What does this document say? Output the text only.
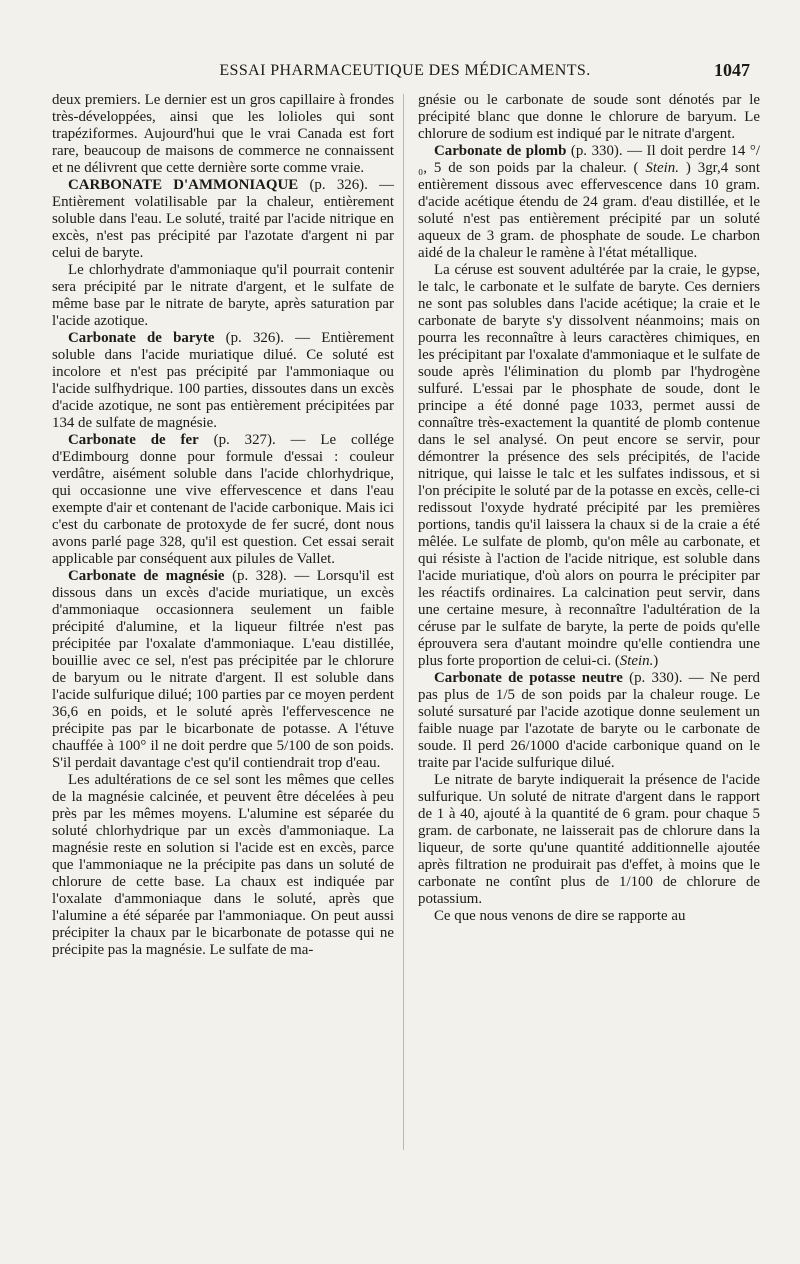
ESSAI PHARMACEUTIQUE DES MÉDICAMENTS.	1047

deux premiers. Le dernier est un gros capillaire à frondes très-développées, ainsi que les lolioles qui sont trapéziformes. Aujourd'hui que le vrai Canada est fort rare, beaucoup de maisons de commerce ne connaissent et ne délivrent que cette dernière sorte comme vraie.

CARBONATE D'AMMONIAQUE (p. 326). — Entièrement volatilisable par la chaleur, entièrement soluble dans l'eau. Le soluté, traité par l'acide nitrique en excès, n'est pas précipité par l'azotate d'argent ni par celui de baryte.

Le chlorhydrate d'ammoniaque qu'il pourrait contenir sera précipité par le nitrate d'argent, et le sulfate de même base par le nitrate de baryte, après saturation par l'acide azotique.

Carbonate de baryte (p. 326). — Entièrement soluble dans l'acide muriatique dilué. Ce soluté est incolore et n'est pas précipité par l'ammoniaque ou l'acide sulfhydrique. 100 parties, dissoutes dans un excès d'acide azotique, ne sont pas entièrement précipitées par 134 de sulfate de magnésie.

Carbonate de fer (p. 327). — Le collége d'Edimbourg donne pour formule d'essai : couleur verdâtre, aisément soluble dans l'acide chlorhydrique, qui occasionne une vive effervescence et dans l'eau exempte d'air et contenant de l'acide carbonique. Mais ici c'est du carbonate de protoxyde de fer sucré, dont nous avons parlé page 328, qu'il est question. Cet essai serait applicable par conséquent aux pilules de Vallet.

Carbonate de magnésie (p. 328). — Lorsqu'il est dissous dans un excès d'acide muriatique, un excès d'ammoniaque occasionnera seulement un faible précipité d'alumine, et la liqueur filtrée n'est pas précipitée par l'oxalate d'ammoniaque. L'eau distillée, bouillie avec ce sel, n'est pas précipitée par le chlorure de baryum ou le nitrate d'argent. Il est soluble dans l'acide sulfurique dilué; 100 parties par ce moyen perdent 36,6 en poids, et le soluté après l'effervescence ne précipite pas par le bicarbonate de potasse. A l'étuve chauffée à 100° il ne doit perdre que 5/100 de son poids. S'il perdait davantage c'est qu'il contiendrait trop d'eau.

Les adultérations de ce sel sont les mêmes que celles de la magnésie calcinée, et peuvent être décelées à peu près par les mêmes moyens. L'alumine est séparée du soluté chlorhydrique par un excès d'ammoniaque. La magnésie reste en solution si l'acide est en excès, parce que l'ammoniaque ne la précipite pas dans un soluté de chlorure de cette base. La chaux est indiquée par l'oxalate d'ammoniaque dans le soluté, après que l'alumine a été séparée par l'ammoniaque. On peut aussi précipiter la chaux par le bicarbonate de potasse qui ne précipite pas la magnésie. Le sulfate de ma-

gnésie ou le carbonate de soude sont dénotés par le précipité blanc que donne le chlorure de baryum. Le chlorure de sodium est indiqué par le nitrate d'argent.

Carbonate de plomb (p. 330). — Il doit perdre 14 °/₀, 5 de son poids par la chaleur. ( Stein. ) 3gr,4 sont entièrement dissous avec effervescence dans 10 gram. d'acide acétique étendu de 24 gram. d'eau distillée, et le soluté n'est pas entièrement précipité par un soluté aqueux de 3 gram. de phosphate de soude. Le charbon aidé de la chaleur le ramène à l'état métallique.

La céruse est souvent adultérée par la craie, le gypse, le talc, le carbonate et le sulfate de baryte. Ces derniers ne sont pas solubles dans l'acide acétique; la craie et le carbonate de baryte s'y dissolvent néanmoins; mais on pourra les reconnaître à leurs caractères chimiques, en les précipitant par l'oxalate d'ammoniaque et le sulfate de soude après l'élimination du plomb par l'hydrogène sulfuré. L'essai par le phosphate de soude, dont le principe a été donné page 1033, permet aussi de connaître très-exactement la quantité de plomb contenue dans le sel analysé. On peut encore se servir, pour démontrer la présence des sels précipités, de l'acide nitrique, qui laisse le talc et les sulfates indissous, et si l'on précipite le soluté par de la potasse en excès, celle-ci redissout l'oxyde hydraté précipité par les premières portions, tandis qu'il laissera la chaux si de la craie a été mêlée. Le sulfate de plomb, qu'on mêle au carbonate, et qui résiste à l'action de l'acide nitrique, est soluble dans l'acide muriatique, d'où alors on pourra le précipiter par les réactifs ordinaires. La calcination peut servir, dans une certaine mesure, à reconnaître l'adultération de la céruse par le sulfate de baryte, la perte de poids qu'elle éprouvera sera d'autant moindre qu'elle contiendra une plus forte proportion de celui-ci. (Stein.)

Carbonate de potasse neutre (p. 330). — Ne perd pas plus de 1/5 de son poids par la chaleur rouge. Le soluté sursaturé par l'acide azotique donne seulement un faible nuage par l'azotate de baryte ou le carbonate de soude. Il perd 26/1000 d'acide carbonique quand on le traite par l'acide sulfurique dilué.

Le nitrate de baryte indiquerait la présence de l'acide sulfurique. Un soluté de nitrate d'argent dans le rapport de 1 à 40, ajouté à la quantité de 6 gram. pour chaque 5 gram. de carbonate, ne laisserait pas de chlorure dans la liqueur, de sorte qu'une quantité additionnelle ajoutée après filtration ne produirait pas d'effet, à moins que le carbonate ne contînt plus de 1/100 de chlorure de potassium.

Ce que nous venons de dire se rapporte au
